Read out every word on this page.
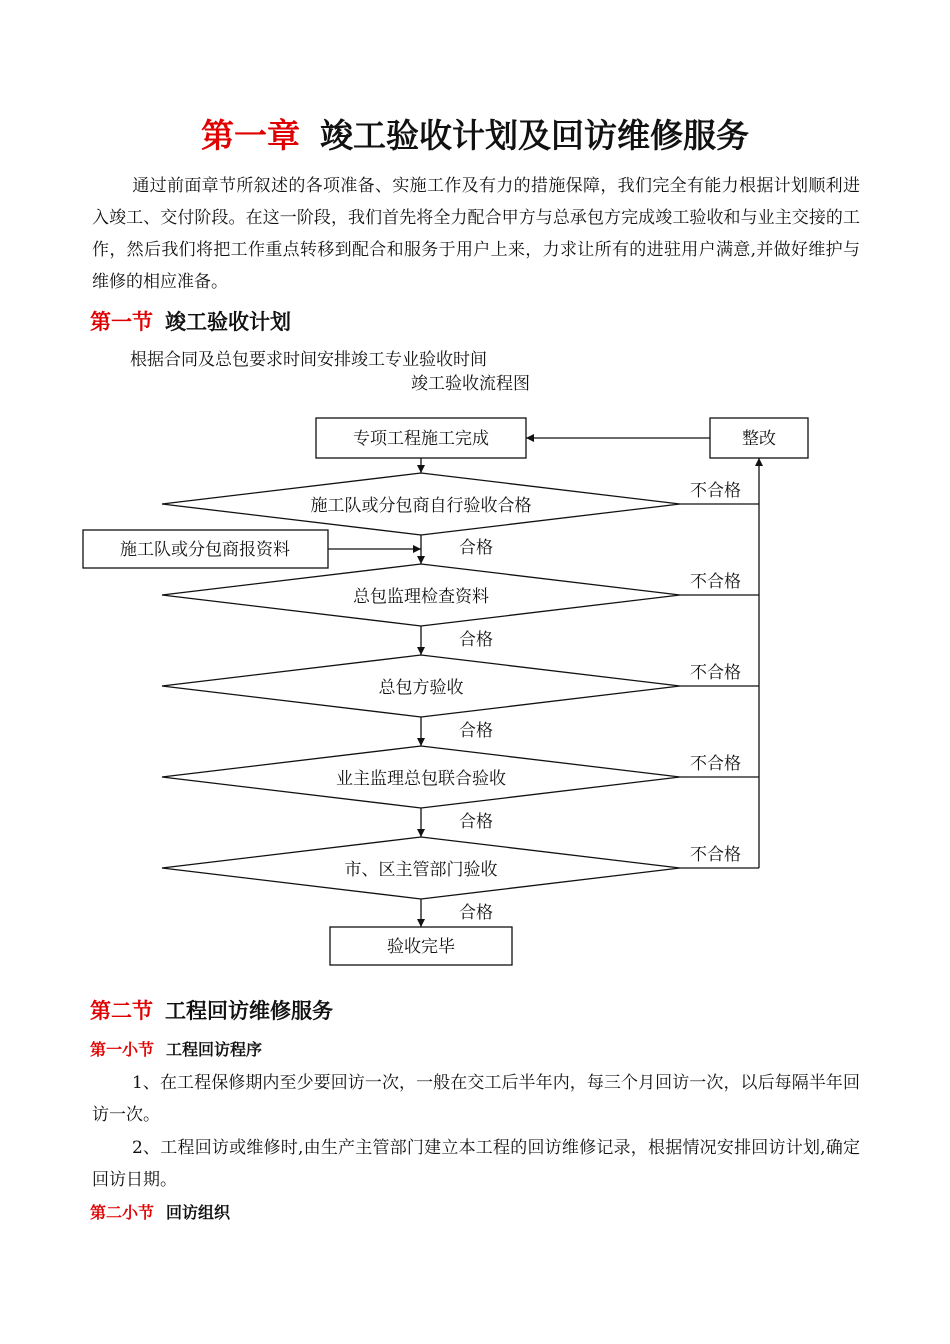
第一章 竣工验收计划及回访维修服务
通过前面章节所叙述的各项准备、实施工作及有力的措施保障，我们完全有能力根据计划顺利进入竣工、交付阶段。在这一阶段，我们首先将全力配合甲方与总承包方完成竣工验收和与业主交接的工作，然后我们将把工作重点转移到配合和服务于用户上来，力求让所有的进驻用户满意,并做好维护与维修的相应准备。
第一节 竣工验收计划
根据合同及总包要求时间安排竣工专业验收时间
竣工验收流程图
专项工程施工完成	整改
施工队或分包商报资料
验收完毕
施工队或分包商自行验收合格
总包监理检查资料
总包方验收
业主监理总包联合验收
市、区主管部门验收
合格
合格
合格
合格
合格
不合格
不合格
不合格
不合格
不合格
第二节 工程回访维修服务
第一小节 工程回访程序
1、在工程保修期内至少要回访一次，一般在交工后半年内，每三个月回访一次，以后每隔半年回访一次。
2、工程回访或维修时,由生产主管部门建立本工程的回访维修记录，根据情况安排回访计划,确定回访日期。
第二小节 回访组织
